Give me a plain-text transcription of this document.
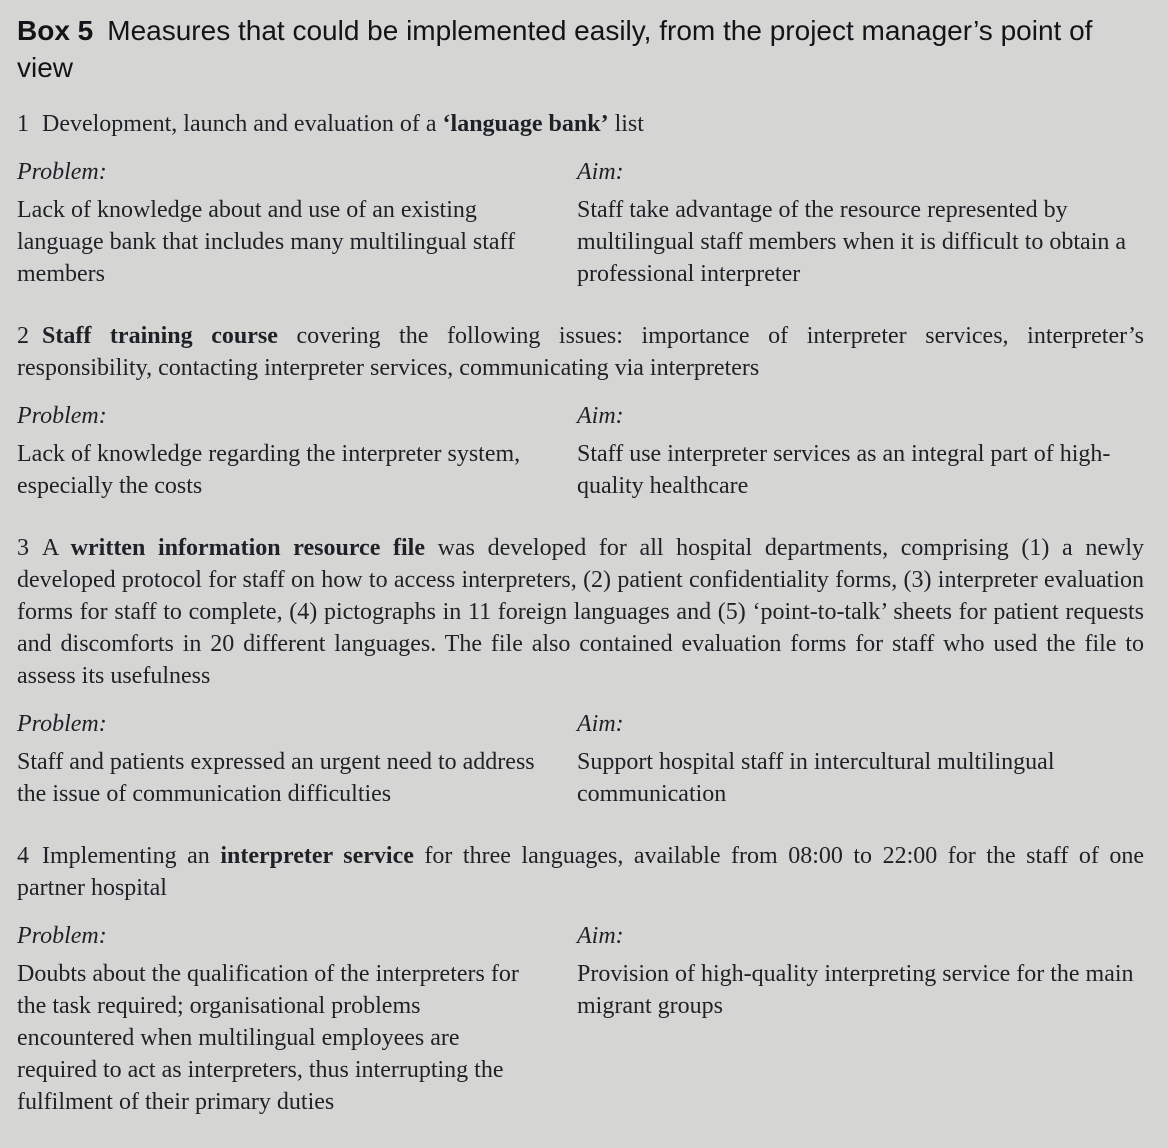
Box 5 Measures that could be implemented easily, from the project manager’s point of view

1 Development, launch and evaluation of a ‘language bank’ list

Problem:

Lack of knowledge about and use of an existing language bank that includes many multilingual staff members

Aim:

Staff take advantage of the resource represented by multilingual staff members when it is difficult to obtain a professional interpreter

2 Staff training course covering the following issues: importance of interpreter services, interpreter’s responsibility, contacting interpreter services, communicating via interpreters

Problem:

Lack of knowledge regarding the interpreter system, especially the costs

Aim:

Staff use interpreter services as an integral part of high-quality healthcare

3 A written information resource file was developed for all hospital departments, comprising (1) a newly developed protocol for staff on how to access interpreters, (2) patient confidentiality forms, (3) interpreter evaluation forms for staff to complete, (4) pictographs in 11 foreign languages and (5) ‘point-to-talk’ sheets for patient requests and discomforts in 20 different languages. The file also contained evaluation forms for staff who used the file to assess its usefulness

Problem:

Staff and patients expressed an urgent need to address the issue of communication difficulties

Aim:

Support hospital staff in intercultural multilingual communication

4 Implementing an interpreter service for three languages, available from 08:00 to 22:00 for the staff of one partner hospital

Problem:

Doubts about the qualification of the interpreters for the task required; organisational problems encountered when multilingual employees are required to act as interpreters, thus interrupting the fulfilment of their primary duties

Aim:

Provision of high-quality interpreting service for the main migrant groups
